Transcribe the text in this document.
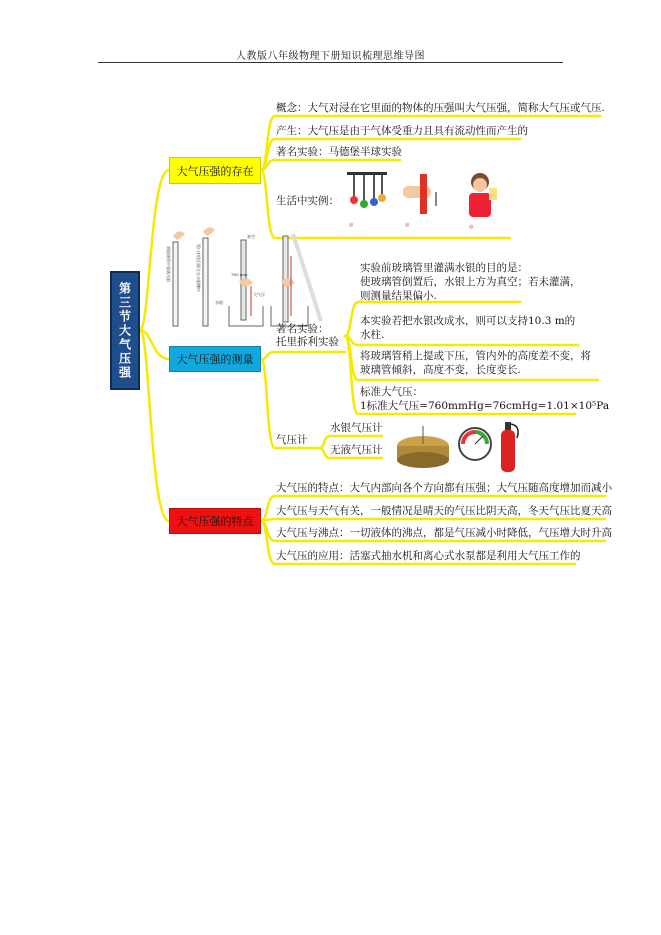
人教版八年级物理下册知识梳理思维导图
第三节大气压强
大气压强的存在
大气压强的测量
大气压强的特点
概念：大气对浸在它里面的物体的压强叫大气压强，简称大气压或气压.
产生：大气压是由于气体受重力且具有流动性而产生的
著名实验：马德堡半球实验
生活中实例：
◎	◎	◎
将玻璃管中装满水银	管口封住后倒立在水银槽中
真空
760 mm
水银
大气压
著名实验：
托里拆利实验
实验前玻璃管里灌满水银的目的是：
使玻璃管倒置后，水银上方为真空；若未灌满，
则测量结果偏小.
本实验若把水银改成水，则可以支持10.3 m的
水柱.
将玻璃管稍上提或下压，管内外的高度差不变，将
玻璃管倾斜，高度不变，长度变长.
标准大气压：
1标准大气压=760mmHg=76cmHg=1.01×10⁵Pa
气压计
水银气压计
无液气压计
大气压的特点：大气内部向各个方向都有压强；大气压随高度增加而减小
大气压与天气有关，一般情况是晴天的气压比阴天高，冬天气压比夏天高
大气压与沸点：一切液体的沸点，都是气压减小时降低，气压增大时升高
大气压的应用：活塞式抽水机和离心式水泵都是利用大气压工作的
